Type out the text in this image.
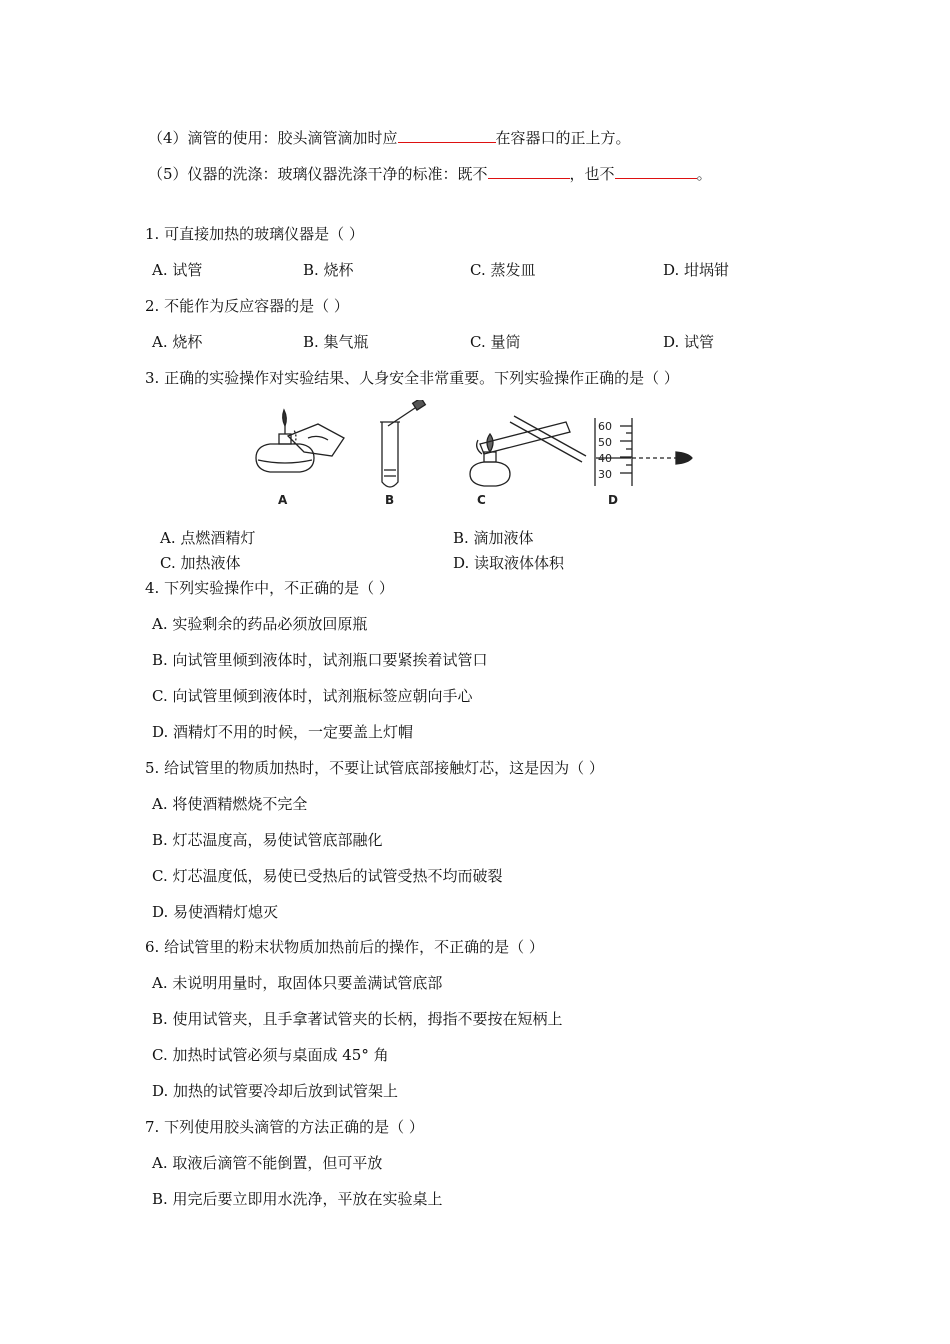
（4）滴管的使用：胶头滴管滴加时应	在容器口的正上方。
（5）仪器的洗涤：玻璃仪器洗涤干净的标准：既不	，也不	。
1. 可直接加热的玻璃仪器是（ ）
A. 试管	B. 烧杯	C. 蒸发皿	D. 坩埚钳
2. 不能作为反应容器的是（ ）
A. 烧杯	B. 集气瓶	C. 量筒	D. 试管
3. 正确的实验操作对实验结果、人身安全非常重要。下列实验操作正确的是（ ）
A	B	C
60
50
40
30
D
A. 点燃酒精灯	B. 滴加液体
C. 加热液体	D. 读取液体体积
4. 下列实验操作中，不正确的是（ ）
A. 实验剩余的药品必须放回原瓶
B. 向试管里倾到液体时，试剂瓶口要紧挨着试管口
C. 向试管里倾到液体时，试剂瓶标签应朝向手心
D. 酒精灯不用的时候，一定要盖上灯帽
5. 给试管里的物质加热时，不要让试管底部接触灯芯，这是因为（ ）
A. 将使酒精燃烧不完全
B. 灯芯温度高，易使试管底部融化
C. 灯芯温度低，易使已受热后的试管受热不均而破裂
D. 易使酒精灯熄灭
6. 给试管里的粉末状物质加热前后的操作，不正确的是（ ）
A. 未说明用量时，取固体只要盖满试管底部
B. 使用试管夹，且手拿著试管夹的长柄，拇指不要按在短柄上
C. 加热时试管必须与桌面成 45° 角
D. 加热的试管要冷却后放到试管架上
7. 下列使用胶头滴管的方法正确的是（ ）
A. 取液后滴管不能倒置，但可平放
B. 用完后要立即用水洗净，平放在实验桌上
